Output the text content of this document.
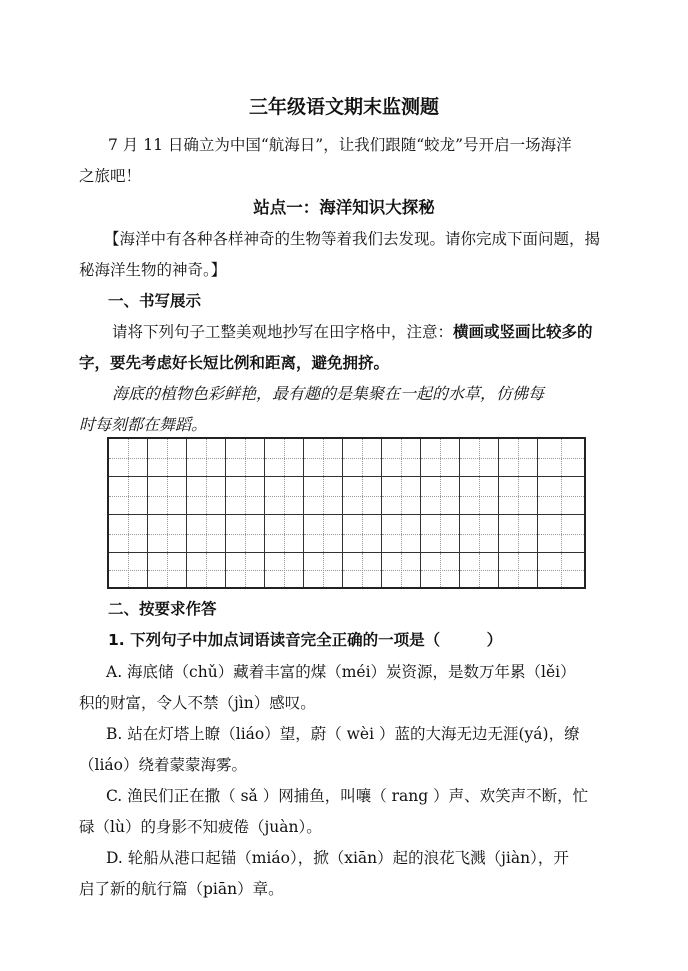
三年级语文期末监测题
7 月 11 日确立为中国“航海日”，让我们跟随“蛟龙”号开启一场海洋
之旅吧！
站点一：海洋知识大探秘
【海洋中有各种各样神奇的生物等着我们去发现。请你完成下面问题，揭
秘海洋生物的神奇。】
一、书写展示
请将下列句子工整美观地抄写在田字格中，注意：横画或竖画比较多的
字，要先考虑好长短比例和距离，避免拥挤。
海底的植物色彩鲜艳，最有趣的是集聚在一起的水草，仿佛每
时每刻都在舞蹈。
二、按要求作答
1. 下列句子中加点词语读音完全正确的一项是（　　　）
A. 海底储（chǔ）藏着丰富的煤（méi）炭资源，是数万年累（lěi）
积的财富，令人不禁（jìn）感叹。
B. 站在灯塔上瞭（liáo）望，蔚（ wèi ）蓝的大海无边无涯(yá)，缭
（liáo）绕着蒙蒙海雾。
C. 渔民们正在撒（ sǎ ）网捕鱼，叫嚷（ rang ）声、欢笑声不断，忙
碌（lù）的身影不知疲倦（juàn）。
D. 轮船从港口起锚（miáo），掀（xiān）起的浪花飞溅（jiàn），开
启了新的航行篇（piān）章。
